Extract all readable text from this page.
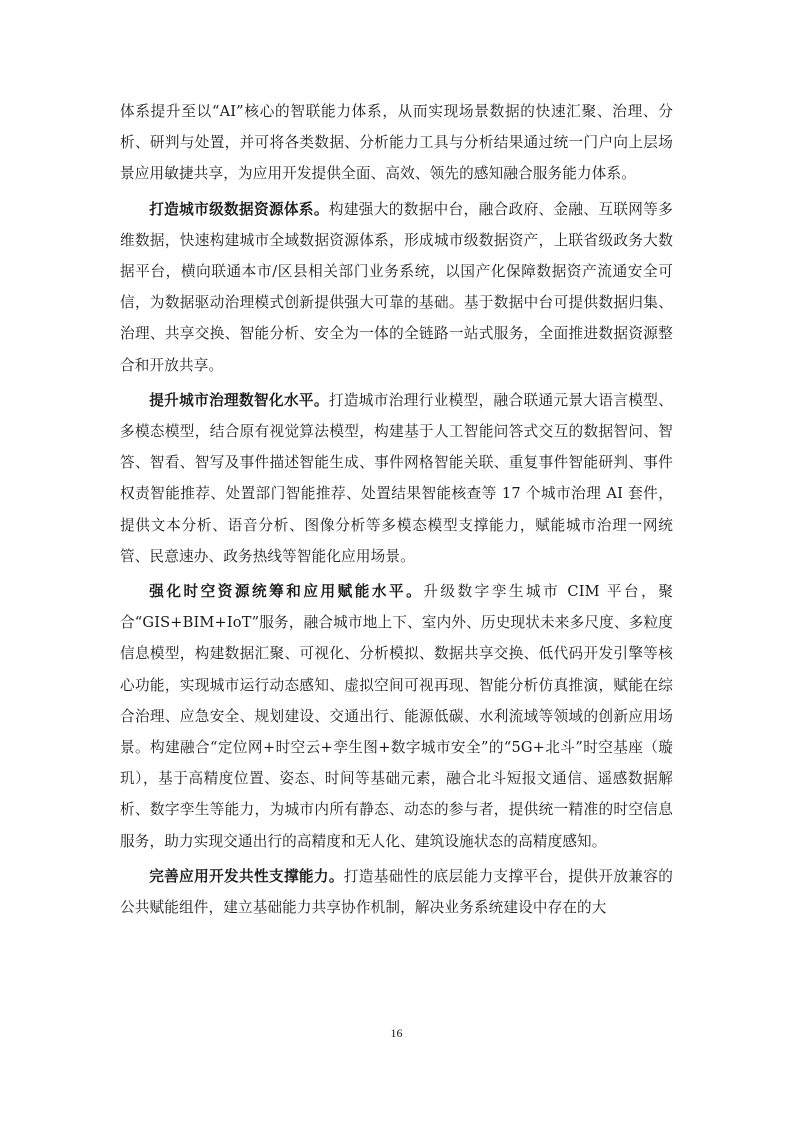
体系提升至以“AI”核心的智联能力体系，从而实现场景数据的快速汇聚、治理、分析、研判与处置，并可将各类数据、分析能力工具与分析结果通过统一门户向上层场景应用敏捷共享，为应用开发提供全面、高效、领先的感知融合服务能力体系。

打造城市级数据资源体系。构建强大的数据中台，融合政府、金融、互联网等多维数据，快速构建城市全域数据资源体系，形成城市级数据资产，上联省级政务大数据平台，横向联通本市/区县相关部门业务系统，以国产化保障数据资产流通安全可信，为数据驱动治理模式创新提供强大可靠的基础。基于数据中台可提供数据归集、治理、共享交换、智能分析、安全为一体的全链路一站式服务，全面推进数据资源整合和开放共享。

提升城市治理数智化水平。打造城市治理行业模型，融合联通元景大语言模型、多模态模型，结合原有视觉算法模型，构建基于人工智能问答式交互的数据智问、智答、智看、智写及事件描述智能生成、事件网格智能关联、重复事件智能研判、事件权责智能推荐、处置部门智能推荐、处置结果智能核查等 17 个城市治理 AI 套件，提供文本分析、语音分析、图像分析等多模态模型支撑能力，赋能城市治理一网统管、民意速办、政务热线等智能化应用场景。

强化时空资源统筹和应用赋能水平。升级数字孪生城市 CIM 平台，聚合“GIS+BIM+IoT”服务，融合城市地上下、室内外、历史现状未来多尺度、多粒度信息模型，构建数据汇聚、可视化、分析模拟、数据共享交换、低代码开发引擎等核心功能，实现城市运行动态感知、虚拟空间可视再现、智能分析仿真推演，赋能在综合治理、应急安全、规划建设、交通出行、能源低碳、水利流域等领域的创新应用场景。构建融合“定位网+时空云+孪生图+数字城市安全”的“5G+北斗”时空基座（璇玑），基于高精度位置、姿态、时间等基础元素，融合北斗短报文通信、遥感数据解析、数字孪生等能力，为城市内所有静态、动态的参与者，提供统一精准的时空信息服务，助力实现交通出行的高精度和无人化、建筑设施状态的高精度感知。

完善应用开发共性支撑能力。打造基础性的底层能力支撑平台，提供开放兼容的公共赋能组件，建立基础能力共享协作机制，解决业务系统建设中存在的大

16
